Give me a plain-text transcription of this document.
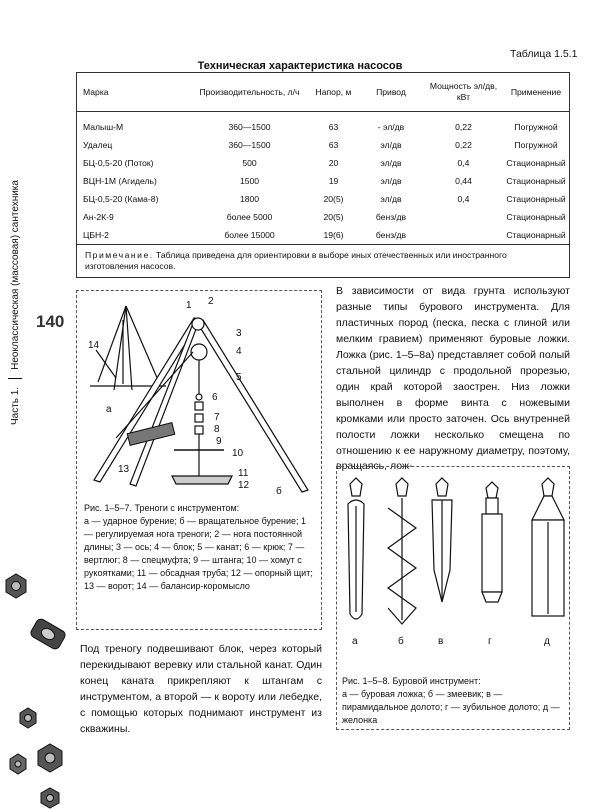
Таблица 1.5.1
Техническая характеристика насосов
Марка	Производительность, л/ч	Напор, м	Привод	Мощность эл/дв, кВт	Применение
Малыш-М	360—1500	63	- эл/дв	0,22	Погружной
Удалец	360—1500	63	эл/дв	0,22	Погружной
БЦ-0,5-20 (Поток)	500	20	эл/дв	0,4	Стационарный
ВЦН-1М (Агидель)	1500	19	эл/дв	0,44	Стационарный
БЦ-0,5-20 (Кама-8)	1800	20(5)	эл/дв	0,4	Стационарный
Ан-2К-9	более 5000	20(5)	бенз/дв		Стационарный
ЦБН-2	более 15000	19(6)	бенз/дв		Стационарный
Примечание. Таблица приведена для ориентировки в выборе иных отечественных или иностранного изготовления насосов.
Часть 1.
Неоклассическая (массовая) сантехника 140
а
б
1 2
3
4
5
6
7
8
9
10
11
12
13
14
Рис. 1–5–7. Треноги с инструментом:
а — ударное бурение; б — вращательное бурение; 1 — регулируемая нога треноги; 2 — нога постоянной длины; 3 — ось; 4 — блок; 5 — канат; 6 — крюк; 7 — вертлюг; 8 — спецмуфта; 9 — штанга; 10 — хомут с рукоятками; 11 — обсадная труба; 12 — опорный щит; 13 — ворот; 14 — балансир-коромысло
В зависимости от вида грунта используют разные типы бурового инструмента. Для пластичных пород (песка, песка с глиной или мелким гравием) применяют буровые ложки. Ложка (рис. 1–5–8а) представляет собой полый стальной цилиндр с продольной прорезью, один край которой заострен. Низ ложки выполнен в форме винта с ножевыми кромками или просто заточен. Ось внутренней полости ложки несколько смещена по отношению к ее наружному диаметру, поэтому, вращаясь, лож-
а	б	в	г	д
Рис. 1–5–8. Буровой инструмент:
а — буровая ложка; б — змеевик; в — пирамидальное долото; г — зубильное долото; д — желонка
Под треногу подвешивают блок, через который перекидывают веревку или стальной канат. Один конец каната прикрепляют к штангам с инструментом, а второй — к вороту или лебедке, с помощью которых поднимают инструмент из скважины.
